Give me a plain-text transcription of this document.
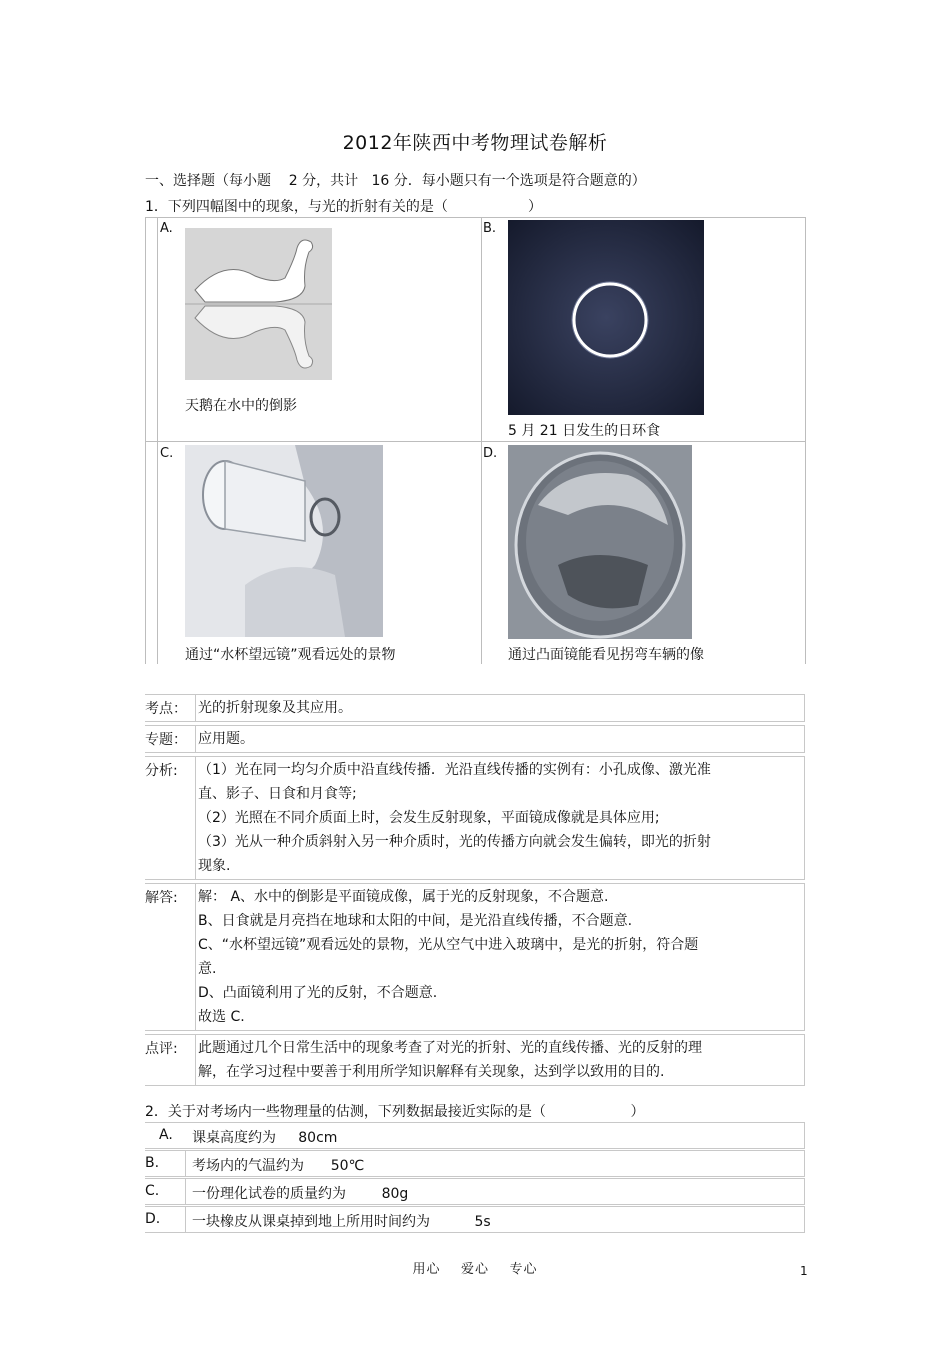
2012年陕西中考物理试卷解析
一、选择题（每小题    2 分，共计   16 分．每小题只有一个选项是符合题意的）
1．下列四幅图中的现象，与光的折射有关的是（                  ）
A.
天鹅在水中的倒影
B.
5 月 21 日发生的日环食
C.
通过“水杯望远镜”观看远处的景物
D.
通过凸面镜能看见拐弯车辆的像
考点： 光的折射现象及其应用。

专题： 应用题。

分析: （1）光在同一均匀介质中沿直线传播．光沿直线传播的实例有：小孔成像、激光准

直、影子、日食和月食等;

（2）光照在不同介质面上时，会发生反射现象，平面镜成像就是具体应用;

（3）光从一种介质斜射入另一种介质时，光的传播方向就会发生偏转，即光的折射

现象.

解答: 解： A、水中的倒影是平面镜成像，属于光的反射现象，不合题意.

B、日食就是月亮挡在地球和太阳的中间，是光沿直线传播，不合题意.

C、“水杯望远镜”观看远处的景物，光从空气中进入玻璃中，是光的折射，符合题

意.

D、凸面镜利用了光的反射，不合题意.

故选 C.

点评: 此题通过几个日常生活中的现象考查了对光的折射、光的直线传播、光的反射的理

解，在学习过程中要善于利用所学知识解释有关现象，达到学以致用的目的.

2．关于对考场内一些物理量的估测，下列数据最接近实际的是（                   ）
A. 课桌高度约为     80cm
B. 考场内的气温约为      50℃
C. 一份理化试卷的质量约为        80g
D. 一块橡皮从课桌掉到地上所用时间约为          5s
用心    爱心    专心	1
